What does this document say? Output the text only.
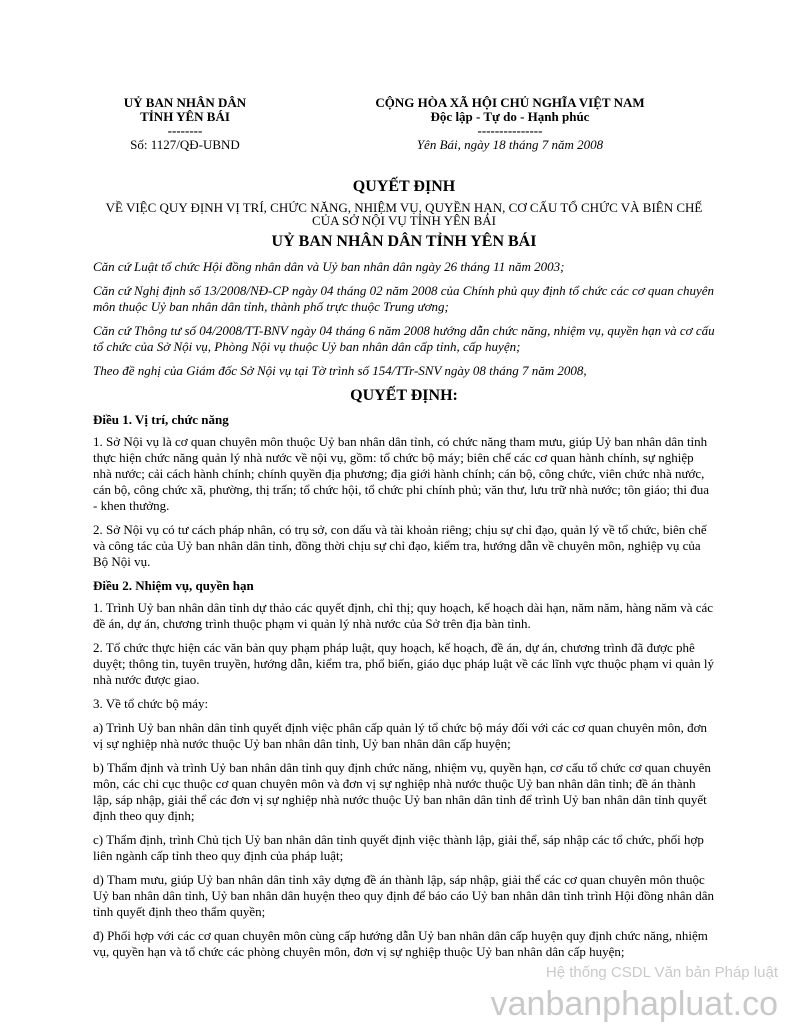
UỶ BAN NHÂN DÂN
TỈNH YÊN BÁI
--------
Số: 1127/QĐ-UBND
CỘNG HÒA XÃ HỘI CHỦ NGHĨA VIỆT NAM
Độc lập - Tự do - Hạnh phúc
---------------
Yên Bái, ngày 18 tháng 7 năm 2008
QUYẾT ĐỊNH
VỀ VIỆC QUY ĐỊNH VỊ TRÍ, CHỨC NĂNG, NHIỆM VỤ, QUYỀN HẠN, CƠ CẤU TỔ CHỨC VÀ BIÊN CHẾ
CỦA SỞ NỘI VỤ TỈNH YÊN BÁI
UỶ BAN NHÂN DÂN TỈNH YÊN BÁI

Căn cứ Luật tổ chức Hội đồng nhân dân và Uỷ ban nhân dân ngày 26 tháng 11 năm 2003;

Căn cứ Nghị định số 13/2008/NĐ-CP ngày 04 tháng 02 năm 2008 của Chính phủ quy định tổ chức các cơ quan chuyên môn thuộc Uỷ ban nhân dân tỉnh, thành phố trực thuộc Trung ương;

Căn cứ Thông tư số 04/2008/TT-BNV ngày 04 tháng 6 năm 2008 hướng dẫn chức năng, nhiệm vụ, quyền hạn và cơ cấu tổ chức của Sở Nội vụ, Phòng Nội vụ thuộc Uỷ ban nhân dân cấp tỉnh, cấp huyện;

Theo đề nghị của Giám đốc Sở Nội vụ tại Tờ trình số 154/TTr-SNV ngày 08 tháng 7 năm 2008,

QUYẾT ĐỊNH:

Điều 1. Vị trí, chức năng

1. Sở Nội vụ là cơ quan chuyên môn thuộc Uỷ ban nhân dân tỉnh, có chức năng tham mưu, giúp Uỷ ban nhân dân tỉnh thực hiện chức năng quản lý nhà nước về nội vụ, gồm: tổ chức bộ máy; biên chế các cơ quan hành chính, sự nghiệp nhà nước; cải cách hành chính; chính quyền địa phương; địa giới hành chính; cán bộ, công chức, viên chức nhà nước, cán bộ, công chức xã, phường, thị trấn; tổ chức hội, tổ chức phi chính phủ; văn thư, lưu trữ nhà nước; tôn giáo; thi đua - khen thưởng.

2. Sở Nội vụ có tư cách pháp nhân, có trụ sở, con dấu và tài khoản riêng; chịu sự chỉ đạo, quản lý về tổ chức, biên chế và công tác của Uỷ ban nhân dân tỉnh, đồng thời chịu sự chỉ đạo, kiểm tra, hướng dẫn về chuyên môn, nghiệp vụ của Bộ Nội vụ.

Điều 2. Nhiệm vụ, quyền hạn

1. Trình Uỷ ban nhân dân tỉnh dự thảo các quyết định, chỉ thị; quy hoạch, kế hoạch dài hạn, năm năm, hàng năm và các đề án, dự án, chương trình thuộc phạm vi quản lý nhà nước của Sở trên địa bàn tỉnh.

2. Tổ chức thực hiện các văn bản quy phạm pháp luật, quy hoạch, kế hoạch, đề án, dự án, chương trình đã được phê duyệt; thông tin, tuyên truyền, hướng dẫn, kiểm tra, phổ biến, giáo dục pháp luật về các lĩnh vực thuộc phạm vi quản lý nhà nước được giao.

3. Về tổ chức bộ máy:

a) Trình Uỷ ban nhân dân tỉnh quyết định việc phân cấp quản lý tổ chức bộ máy đối với các cơ quan chuyên môn, đơn vị sự nghiệp nhà nước thuộc Uỷ ban nhân dân tỉnh, Uỷ ban nhân dân cấp huyện;

b) Thẩm định và trình Uỷ ban nhân dân tỉnh quy định chức năng, nhiệm vụ, quyền hạn, cơ cấu tổ chức cơ quan chuyên môn, các chi cục thuộc cơ quan chuyên môn và đơn vị sự nghiệp nhà nước thuộc Uỷ ban nhân dân tỉnh; đề án thành lập, sáp nhập, giải thể các đơn vị sự nghiệp nhà nước thuộc Uỷ ban nhân dân tỉnh để trình Uỷ ban nhân dân tỉnh quyết định theo quy định;

c) Thẩm định, trình Chủ tịch Uỷ ban nhân dân tỉnh quyết định việc thành lập, giải thể, sáp nhập các tổ chức, phối hợp liên ngành cấp tỉnh theo quy định của pháp luật;

d) Tham mưu, giúp Uỷ ban nhân dân tỉnh xây dựng đề án thành lập, sáp nhập, giải thể các cơ quan chuyên môn thuộc Uỷ ban nhân dân tỉnh, Uỷ ban nhân dân huyện theo quy định để báo cáo Uỷ ban nhân dân tỉnh trình Hội đồng nhân dân tỉnh quyết định theo thẩm quyền;

đ) Phối hợp với các cơ quan chuyên môn cùng cấp hướng dẫn Uỷ ban nhân dân cấp huyện quy định chức năng, nhiệm vụ, quyền hạn và tổ chức các phòng chuyên môn, đơn vị sự nghiệp thuộc Uỷ ban nhân dân cấp huyện;

Hệ thống CSDL Văn bản Pháp luật
vanbanphapluat.co
